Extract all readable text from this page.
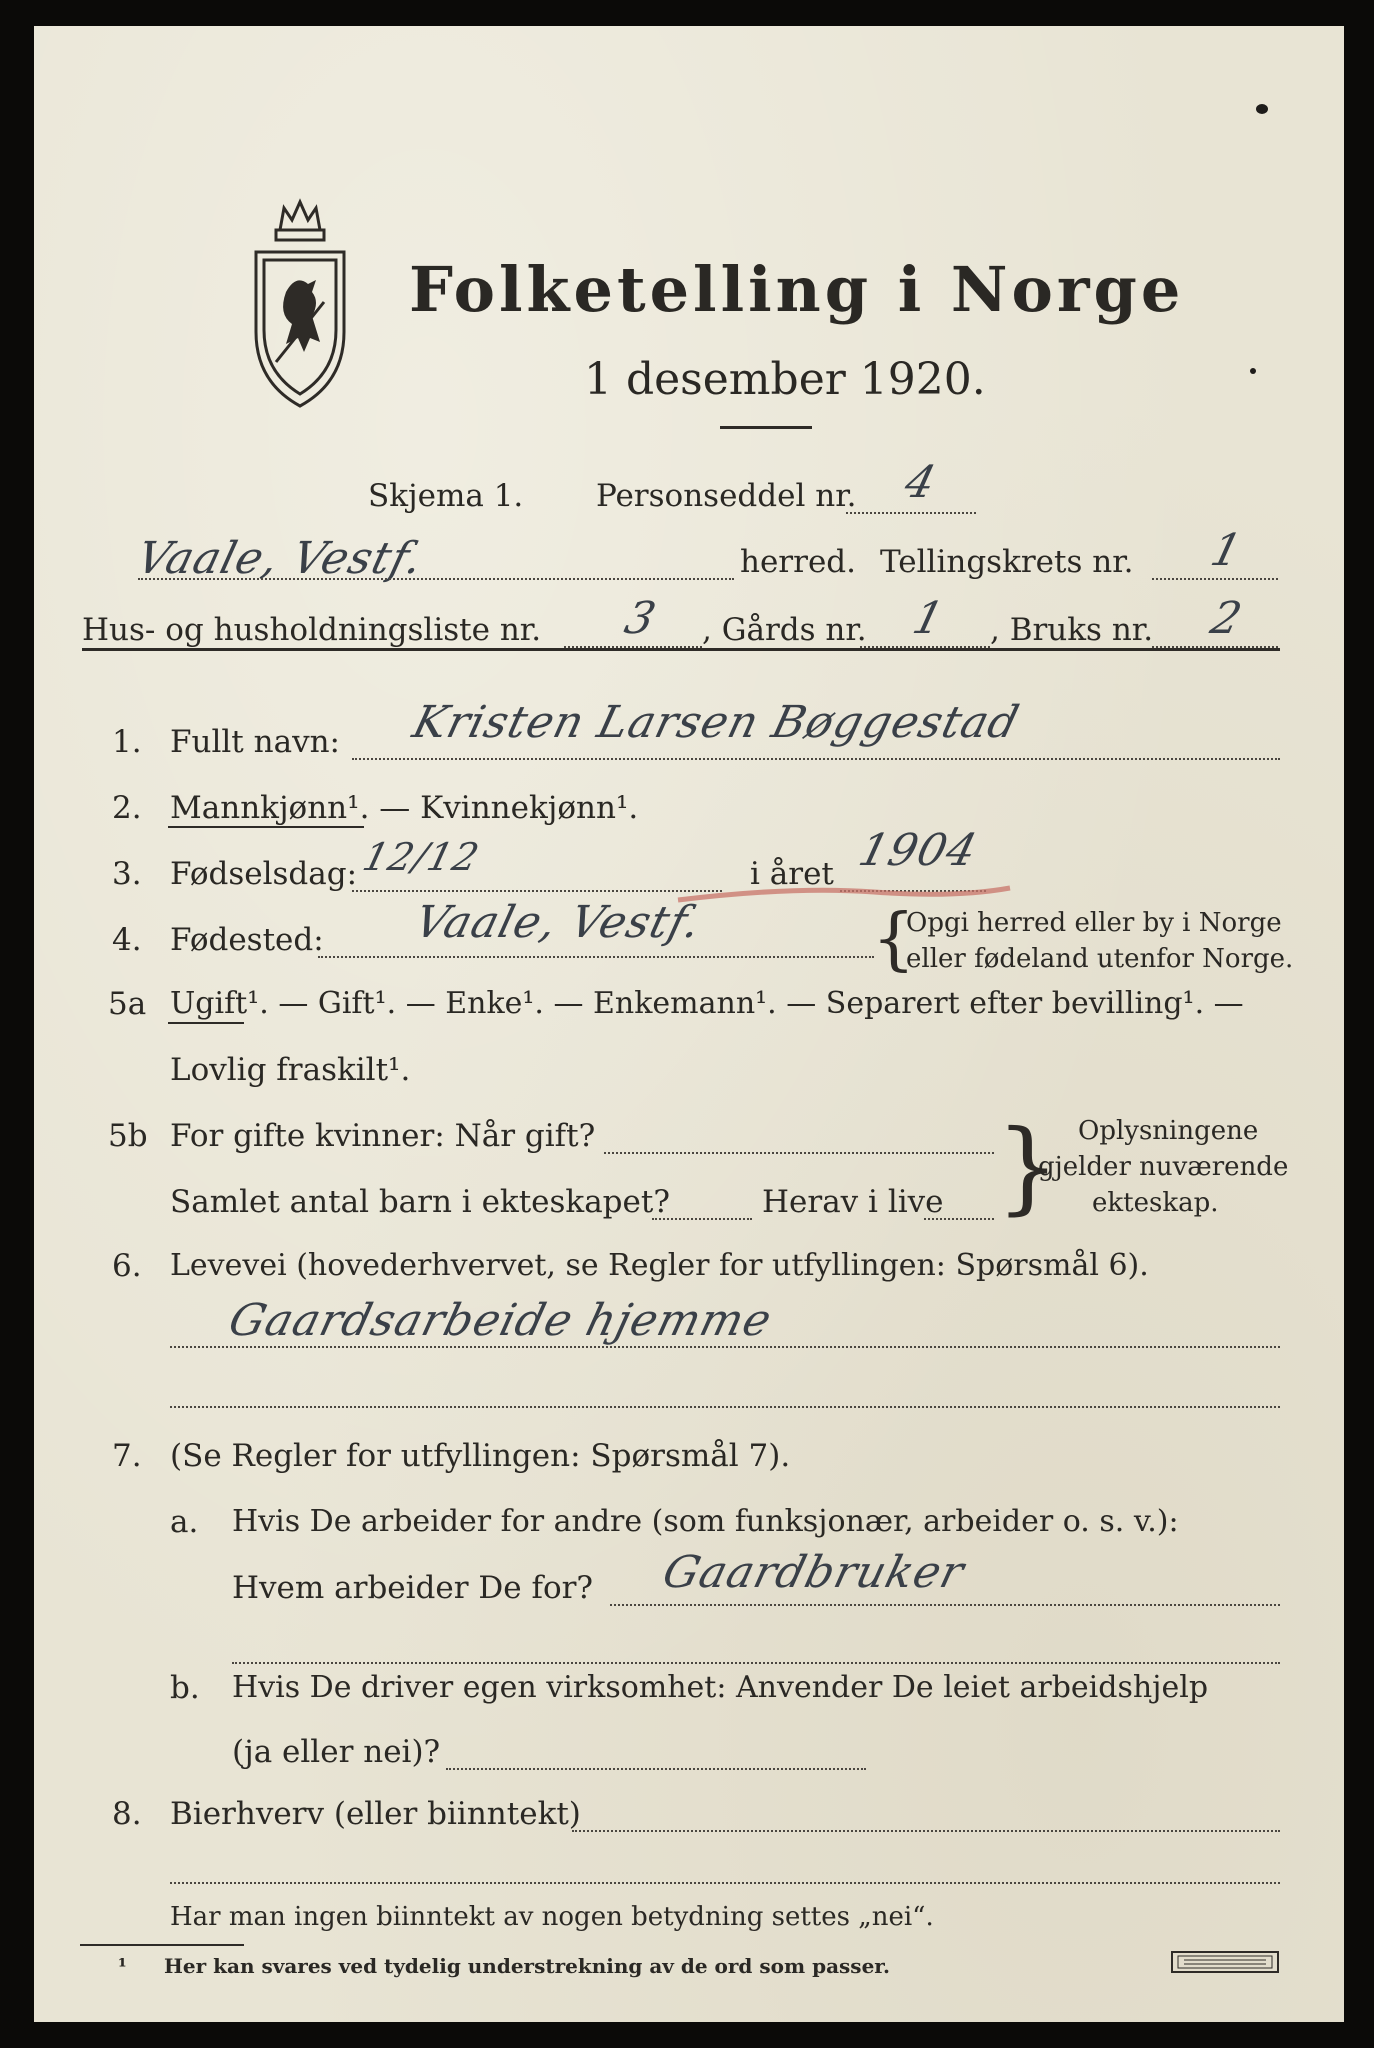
Folketelling i Norge
1 desember 1920.
Skjema 1. Personseddel nr. 4
Vaale, Vestf.	herred. Tellingskrets nr. 1
Hus- og husholdningsliste nr. 3 , Gårds nr. 1 , Bruks nr. 2
1. Fullt navn: Kristen Larsen Bøggestad
2. Mannkjønn¹. — Kvinnekjønn¹.
3. Fødselsdag: 12/12	i året 1904
4. Fødested: Vaale, Vestf. {
Opgi herred eller by i Norge
eller fødeland utenfor Norge.
5a Ugift¹. — Gift¹. — Enke¹. — Enkemann¹. — Separert efter bevilling¹. —
Lovlig fraskilt¹.
5b For gifte kvinner: Når gift?
Samlet antal barn i ekteskapet?	Herav i live } Oplysningene
gjelder nuværende
ekteskap.
6. Levevei (hovederhvervet, se Regler for utfyllingen: Spørsmål 6).
Gaardsarbeide hjemme
7. (Se Regler for utfyllingen: Spørsmål 7).
a. Hvis De arbeider for andre (som funksjonær, arbeider o. s. v.):
Hvem arbeider De for? Gaardbruker
b. Hvis De driver egen virksomhet: Anvender De leiet arbeidshjelp
(ja eller nei)?
8. Bierhverv (eller biinntekt)
Har man ingen biinntekt av nogen betydning settes „nei“.
¹ Her kan svares ved tydelig understrekning av de ord som passer.
